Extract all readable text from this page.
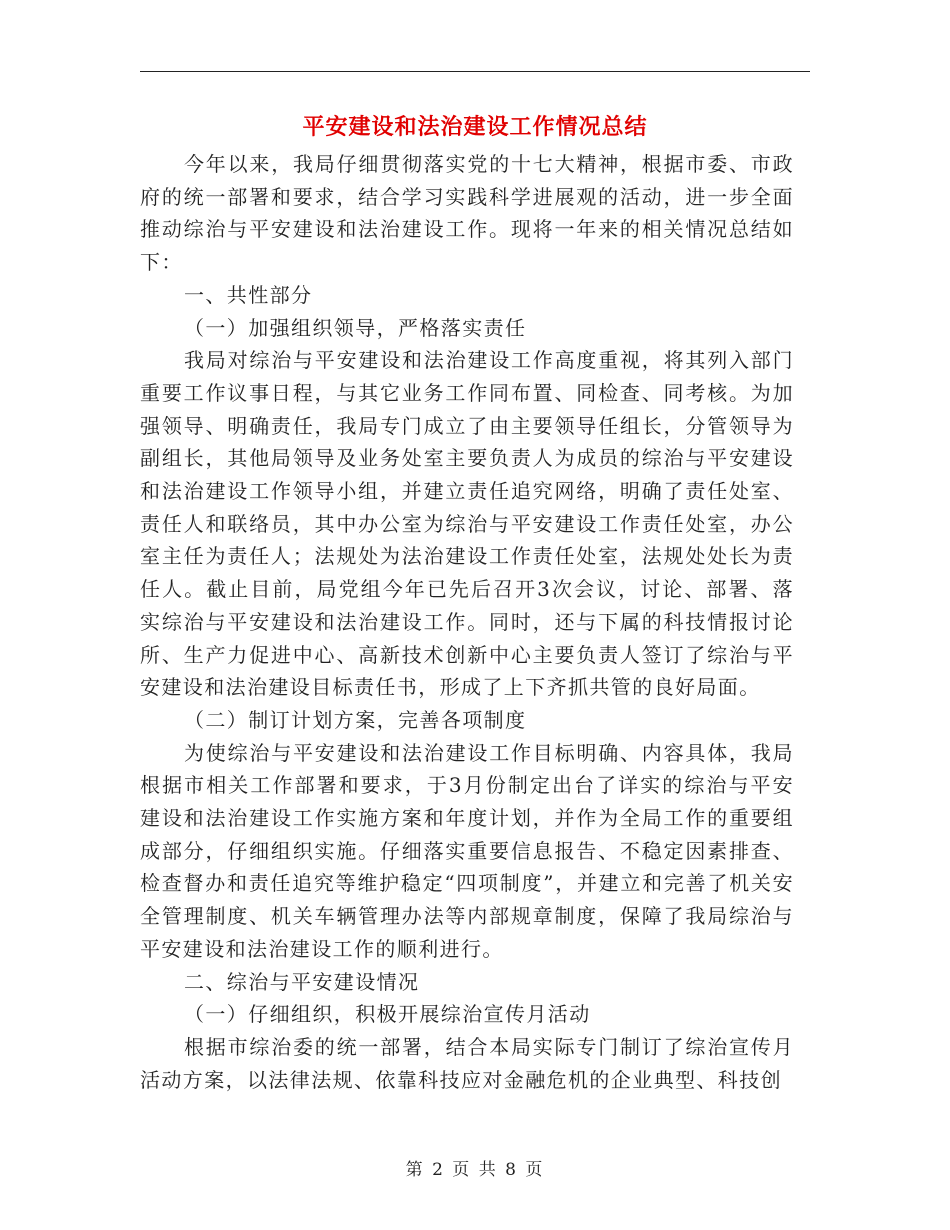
平安建设和法治建设工作情况总结

今年以来，我局仔细贯彻落实党的十七大精神，根据市委、市政府的统一部署和要求，结合学习实践科学进展观的活动，进一步全面推动综治与平安建设和法治建设工作。现将一年来的相关情况总结如下：

一、共性部分

（一）加强组织领导，严格落实责任

我局对综治与平安建设和法治建设工作高度重视，将其列入部门重要工作议事日程，与其它业务工作同布置、同检查、同考核。为加强领导、明确责任，我局专门成立了由主要领导任组长，分管领导为副组长，其他局领导及业务处室主要负责人为成员的综治与平安建设和法治建设工作领导小组，并建立责任追究网络，明确了责任处室、责任人和联络员，其中办公室为综治与平安建设工作责任处室，办公室主任为责任人；法规处为法治建设工作责任处室，法规处处长为责任人。截止目前，局党组今年已先后召开3次会议，讨论、部署、落实综治与平安建设和法治建设工作。同时，还与下属的科技情报讨论所、生产力促进中心、高新技术创新中心主要负责人签订了综治与平安建设和法治建设目标责任书，形成了上下齐抓共管的良好局面。

（二）制订计划方案，完善各项制度

为使综治与平安建设和法治建设工作目标明确、内容具体，我局根据市相关工作部署和要求，于3月份制定出台了详实的综治与平安建设和法治建设工作实施方案和年度计划，并作为全局工作的重要组成部分，仔细组织实施。仔细落实重要信息报告、不稳定因素排查、检查督办和责任追究等维护稳定“四项制度”，并建立和完善了机关安全管理制度、机关车辆管理办法等内部规章制度，保障了我局综治与平安建设和法治建设工作的顺利进行。

二、综治与平安建设情况

（一）仔细组织，积极开展综治宣传月活动

根据市综治委的统一部署，结合本局实际专门制订了综治宣传月活动方案，以法律法规、依靠科技应对金融危机的企业典型、科技创

第 2 页 共 8 页
